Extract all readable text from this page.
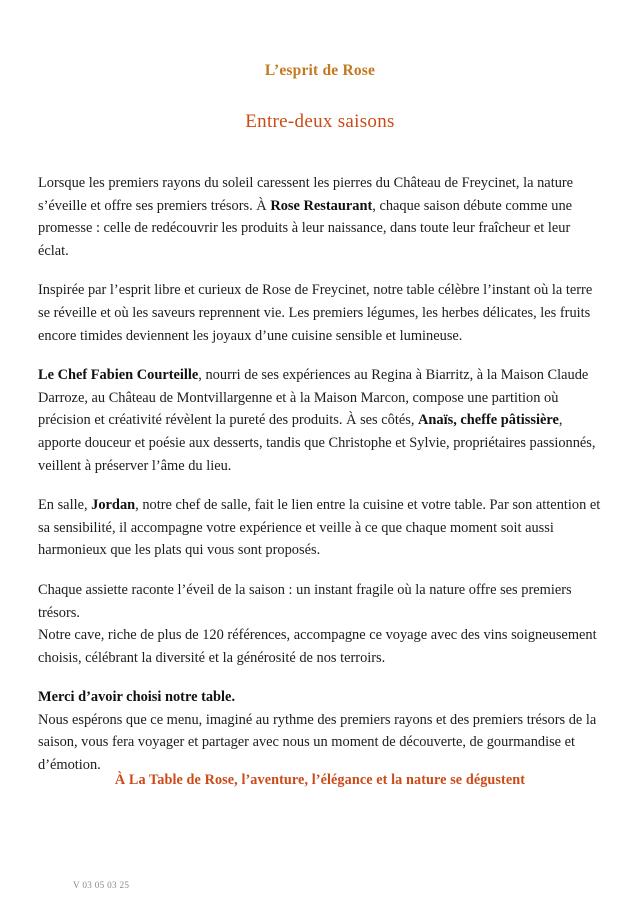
L’esprit de Rose
Entre-deux saisons

Lorsque les premiers rayons du soleil caressent les pierres du Château de Freycinet, la nature s’éveille et offre ses premiers trésors. À Rose Restaurant, chaque saison débute comme une promesse : celle de redécouvrir les produits à leur naissance, dans toute leur fraîcheur et leur éclat.

Inspirée par l’esprit libre et curieux de Rose de Freycinet, notre table célèbre l’instant où la terre se réveille et où les saveurs reprennent vie. Les premiers légumes, les herbes délicates, les fruits encore timides deviennent les joyaux d’une cuisine sensible et lumineuse.

Le Chef Fabien Courteille, nourri de ses expériences au Regina à Biarritz, à la Maison Claude Darroze, au Château de Montvillargenne et à la Maison Marcon, compose une partition où précision et créativité révèlent la pureté des produits. À ses côtés, Anaïs, cheffe pâtissière, apporte douceur et poésie aux desserts, tandis que Christophe et Sylvie, propriétaires passionnés, veillent à préserver l’âme du lieu.

En salle, Jordan, notre chef de salle, fait le lien entre la cuisine et votre table. Par son attention et sa sensibilité, il accompagne votre expérience et veille à ce que chaque moment soit aussi harmonieux que les plats qui vous sont proposés.

Chaque assiette raconte l’éveil de la saison : un instant fragile où la nature offre ses premiers trésors.
Notre cave, riche de plus de 120 références, accompagne ce voyage avec des vins soigneusement choisis, célébrant la diversité et la générosité de nos terroirs.

Merci d’avoir choisi notre table.
Nous espérons que ce menu, imaginé au rythme des premiers rayons et des premiers trésors de la saison, vous fera voyager et partager avec nous un moment de découverte, de gourmandise et d’émotion.

À La Table de Rose, l’aventure, l’élégance et la nature se dégustent
V 03 05 03 25
